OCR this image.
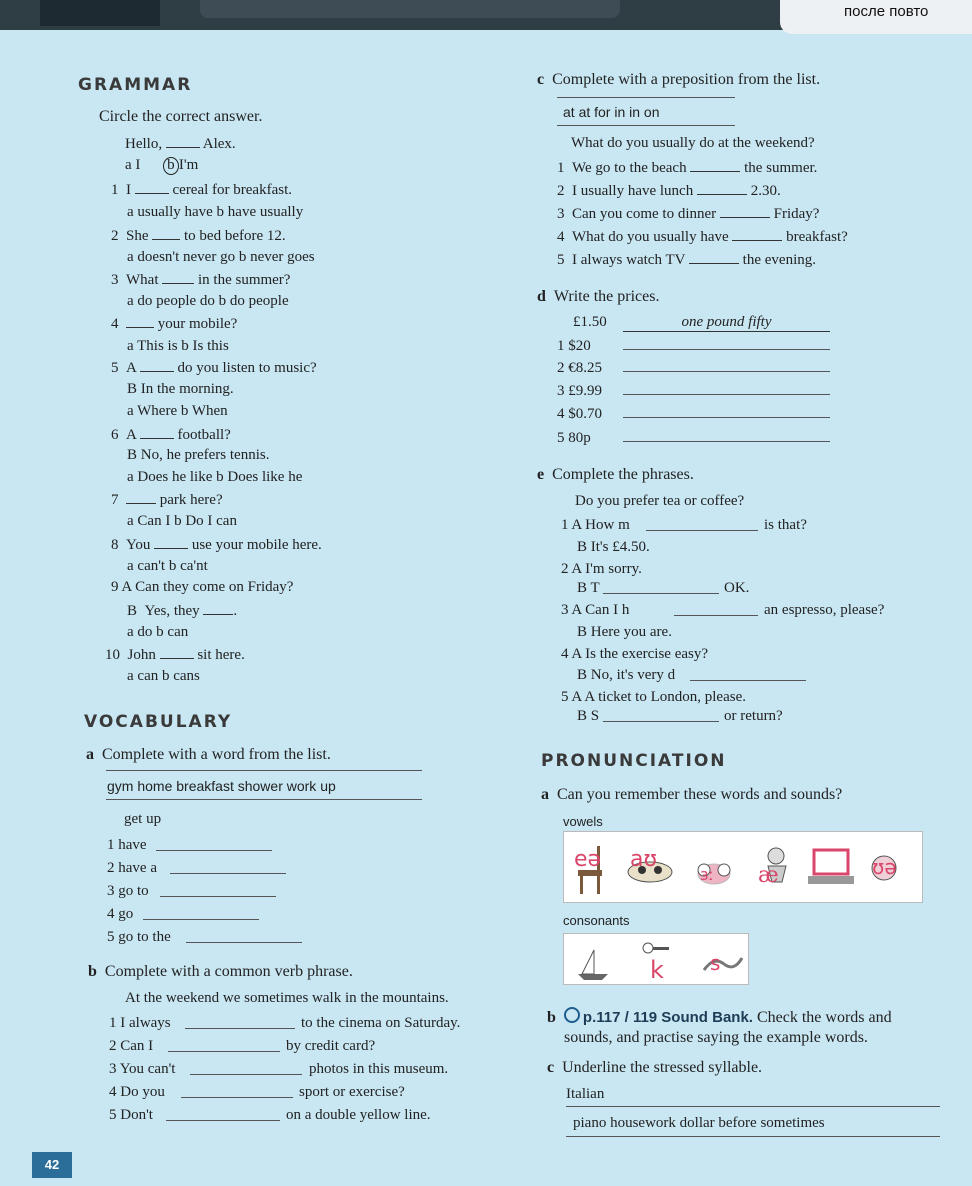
после повто
GRAMMAR
Circle the correct answer.
Hello,  Alex.
a I b I'm
1  I  cereal for breakfast.
a usually have b have usually
2  She  to bed before 12.
a doesn't never go b never goes
3  What  in the summer?
a do people do b do people
4   your mobile?
a This is b Is this
5  A  do you listen to music?
B In the morning.
a Where b When
6  A  football?
B No, he prefers tennis.
a Does he like b Does like he
7   park here?
a Can I b Do I can
8  You  use your mobile here.
a can't b ca'nt
9 A Can they come on Friday?
B  Yes, they .
a do b can
10  John  sit here.
a can b cans
c Complete with a preposition from the list.
at at for in in on
What do you usually do at the weekend?
1  We go to the beach	the summer.
2  I usually have lunch	2.30.
3  Can you come to dinner	Friday?
4  What do you usually have	breakfast?
5  I always watch TV	the evening.
d Write the prices.
£1.50	one pound fifty
1 $20
2 €8.25
3 £9.99
4 $0.70
5 80p
e Complete the phrases.
Do you prefer tea or coffee?
1 A How m	is that?
B It's £4.50.
2 A I'm sorry.
B T	OK.
3 A Can I h	an espresso, please?
B Here you are.
4 A Is the exercise easy?
B No, it's very d
5 A A ticket to London, please.
B S	or return?
VOCABULARY
a Complete with a word from the list.
gym home breakfast shower work up
get up
1 have
2 have a
3 go to
4 go
5 go to the
b Complete with a common verb phrase.
At the weekend we sometimes walk in the mountains.
1 I always	to the cinema on Saturday.
2 Can I	by credit card?
3 You can't	photos in this museum.
4 Do you	sport or exercise?
5 Don't	on a double yellow line.
PRONUNCIATION
a Can you remember these words and sounds?
vowels
eə aʊ
ɜː æ	ʊə
consonants
k s
b p.117 / 119 Sound Bank. Check the words and
sounds, and practise saying the example words.
c Underline the stressed syllable.
Italian
piano housework dollar before sometimes
42
